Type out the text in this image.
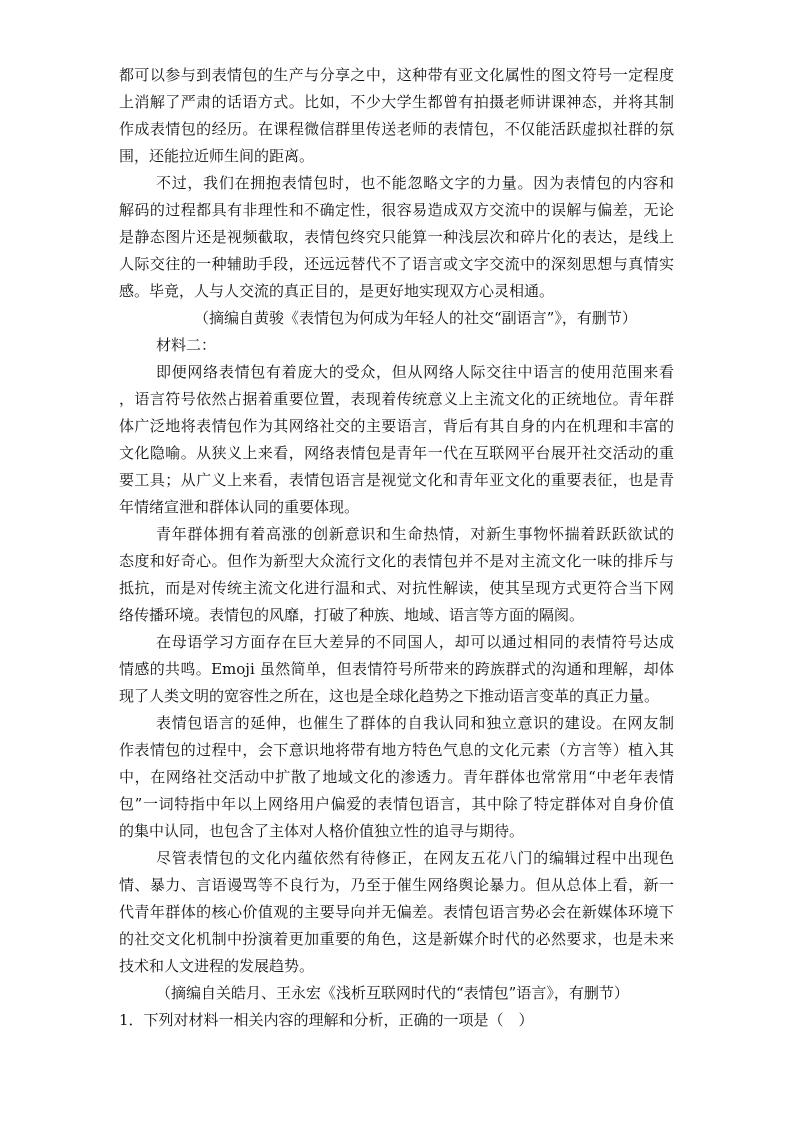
都可以参与到表情包的生产与分享之中，这种带有亚文化属性的图文符号一定程度
上消解了严肃的话语方式。比如，不少大学生都曾有拍摄老师讲课神态，并将其制
作成表情包的经历。在课程微信群里传送老师的表情包，不仅能活跃虚拟社群的氛
围，还能拉近师生间的距离。
不过，我们在拥抱表情包时，也不能忽略文字的力量。因为表情包的内容和
解码的过程都具有非理性和不确定性，很容易造成双方交流中的误解与偏差，无论
是静态图片还是视频截取，表情包终究只能算一种浅层次和碎片化的表达，是线上
人际交往的一种辅助手段，还远远替代不了语言或文字交流中的深刻思想与真情实
感。毕竟，人与人交流的真正目的，是更好地实现双方心灵相通。
（摘编自黄骏《表情包为何成为年轻人的社交“副语言”》，有删节）
材料二：
即便网络表情包有着庞大的受众，但从网络人际交往中语言的使用范围来看
，语言符号依然占据着重要位置，表现着传统意义上主流文化的正统地位。青年群
体广泛地将表情包作为其网络社交的主要语言，背后有其自身的内在机理和丰富的
文化隐喻。从狭义上来看，网络表情包是青年一代在互联网平台展开社交活动的重
要工具；从广义上来看，表情包语言是视觉文化和青年亚文化的重要表征，也是青
年情绪宣泄和群体认同的重要体现。
青年群体拥有着高涨的创新意识和生命热情，对新生事物怀揣着跃跃欲试的
态度和好奇心。但作为新型大众流行文化的表情包并不是对主流文化一味的排斥与
抵抗，而是对传统主流文化进行温和式、对抗性解读，使其呈现方式更符合当下网
络传播环境。表情包的风靡，打破了种族、地域、语言等方面的隔阂。
在母语学习方面存在巨大差异的不同国人，却可以通过相同的表情符号达成
情感的共鸣。Emoji 虽然简单，但表情符号所带来的跨族群式的沟通和理解，却体
现了人类文明的宽容性之所在，这也是全球化趋势之下推动语言变革的真正力量。
表情包语言的延伸，也催生了群体的自我认同和独立意识的建设。在网友制
作表情包的过程中，会下意识地将带有地方特色气息的文化元素（方言等）植入其
中，在网络社交活动中扩散了地域文化的渗透力。青年群体也常常用“中老年表情
包”一词特指中年以上网络用户偏爱的表情包语言，其中除了特定群体对自身价值
的集中认同，也包含了主体对人格价值独立性的追寻与期待。
尽管表情包的文化内蕴依然有待修正，在网友五花八门的编辑过程中出现色
情、暴力、言语谩骂等不良行为，乃至于催生网络舆论暴力。但从总体上看，新一
代青年群体的核心价值观的主要导向并无偏差。表情包语言势必会在新媒体环境下
的社交文化机制中扮演着更加重要的角色，这是新媒介时代的必然要求，也是未来
技术和人文进程的发展趋势。
（摘编自关皓月、王永宏《浅析互联网时代的“表情包”语言》，有删节）
1．下列对材料一相关内容的理解和分析，正确的一项是（　）
